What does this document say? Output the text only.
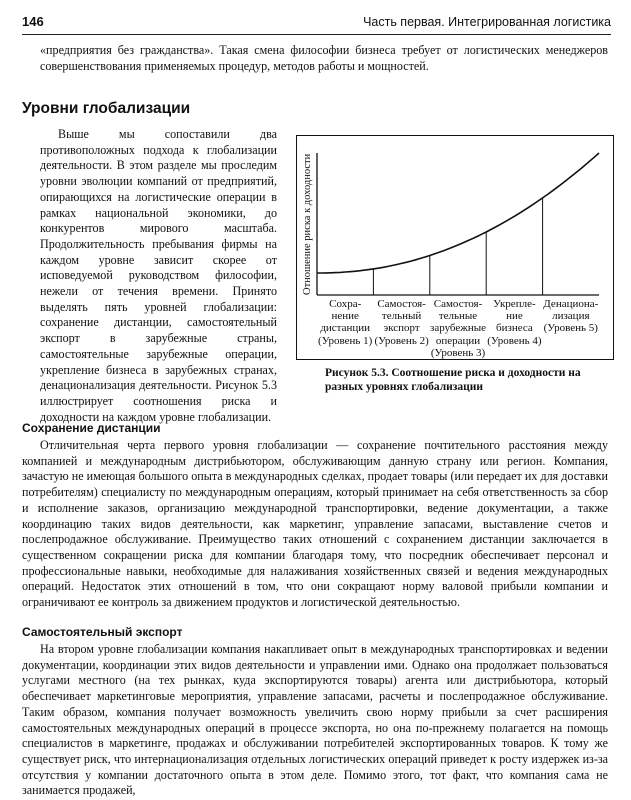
146	Часть первая. Интегрированная логистика

«предприятия без гражданства». Такая смена философии бизнеса требует от логистических менеджеров совершенствования применяемых процедур, методов работы и мощностей.

Уровни глобализации

Выше мы сопоставили два противоположных подхода к глобализации деятельности. В этом разделе мы проследим уровни эволюции компаний от предприятий, опирающихся на логистические операции в рамках национальной экономики, до конкурентов мирового масштаба. Продолжительность пребывания фирмы на каждом уровне зависит скорее от исповедуемой руководством философии, нежели от течения времени. Принято выделять пять уровней глобализации: сохранение дистанции, самостоятельный экспорт в зарубежные страны, самостоятельные зарубежные операции, укрепление бизнеса в зарубежных странах, денационализация деятельности. Рисунок 5.3 иллюстрирует соотношения риска и доходности на каждом уровне глобализации.

Отношение риска к доходности
Сохра-
нение
дистанции
(Уровень 1)
Самостоя-
тельный
экспорт
(Уровень 2)
Самостоя-
тельные
зарубежные
операции
(Уровень 3)
Укрепле-
ние
бизнеса
(Уровень 4)
Денациона-
лизация
(Уровень 5)
Рисунок 5.3. Соотношение риска и доходности на разных уровнях глобализации
Сохранение дистанции

Отличительная черта первого уровня глобализации — сохранение почтительного расстояния между компанией и международным дистрибьютором, обслуживающим данную страну или регион. Компания, зачастую не имеющая большого опыта в международных сделках, продает товары (или передает их для доставки потребителям) специалисту по международным операциям, который принимает на себя ответственность за сбор и исполнение заказов, организацию международной транспортировки, ведение документации, а также координацию таких видов деятельности, как маркетинг, управление запасами, выставление счетов и послепродажное обслуживание. Преимущество таких отношений с сохранением дистанции заключается в существенном сокращении риска для компании благодаря тому, что посредник обеспечивает персонал и профессиональные навыки, необходимые для налаживания хозяйственных связей и ведения международных операций. Недостаток этих отношений в том, что они сокращают норму валовой прибыли компании и ограничивают ее контроль за движением продуктов и логистической деятельностью.

Самостоятельный экспорт

На втором уровне глобализации компания накапливает опыт в международных транспортировках и ведении документации, координации этих видов деятельности и управлении ими. Однако она продолжает пользоваться услугами местного (на тех рынках, куда экспортируются товары) агента или дистрибьютора, который обеспечивает маркетинговые мероприятия, управление запасами, расчеты и послепродажное обслуживание. Таким образом, компания получает возможность увеличить свою норму прибыли за счет расширения самостоятельных международных операций в процессе экспорта, но она по-прежнему полагается на помощь специалистов в маркетинге, продажах и обслуживании потребителей экспортированных товаров. К тому же существует риск, что интернационализация отдельных логистических операций приведет к росту издержек из-за отсутствия у компании достаточного опыта в этом деле. Помимо этого, тот факт, что компания сама не занимается продажей,
